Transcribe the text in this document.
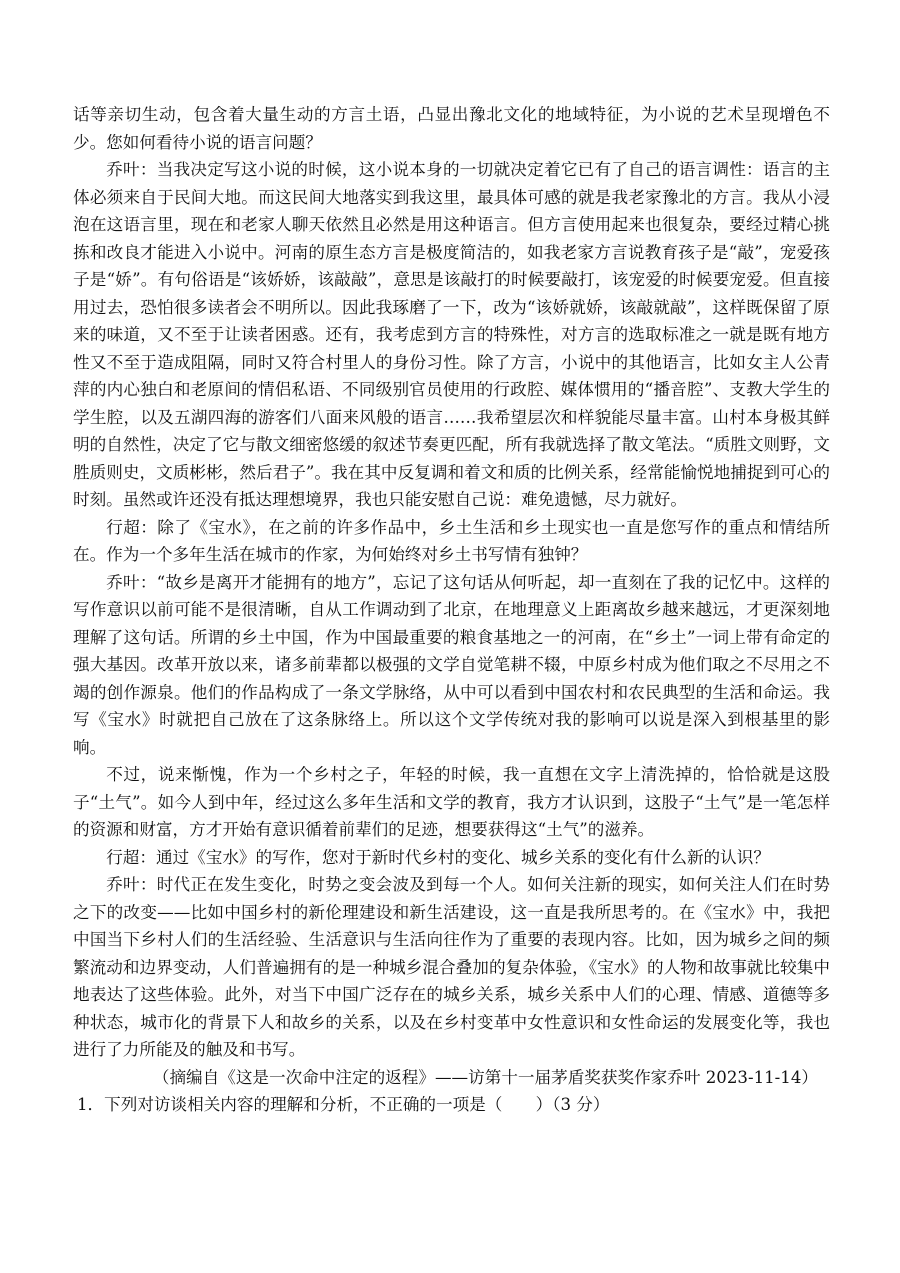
话等亲切生动，包含着大量生动的方言土语，凸显出豫北文化的地域特征，为小说的艺术呈现增色不少。您如何看待小说的语言问题？

乔叶：当我决定写这小说的时候，这小说本身的一切就决定着它已有了自己的语言调性：语言的主体必须来自于民间大地。而这民间大地落实到我这里，最具体可感的就是我老家豫北的方言。我从小浸泡在这语言里，现在和老家人聊天依然且必然是用这种语言。但方言使用起来也很复杂，要经过精心挑拣和改良才能进入小说中。河南的原生态方言是极度简洁的，如我老家方言说教育孩子是“敲”，宠爱孩子是“娇”。有句俗语是“该娇娇，该敲敲”，意思是该敲打的时候要敲打，该宠爱的时候要宠爱。但直接用过去，恐怕很多读者会不明所以。因此我琢磨了一下，改为“该娇就娇，该敲就敲”，这样既保留了原来的味道，又不至于让读者困惑。还有，我考虑到方言的特殊性，对方言的选取标准之一就是既有地方性又不至于造成阻隔，同时又符合村里人的身份习性。除了方言，小说中的其他语言，比如女主人公青萍的内心独白和老原间的情侣私语、不同级别官员使用的行政腔、媒体惯用的“播音腔”、支教大学生的学生腔，以及五湖四海的游客们八面来风般的语言……我希望层次和样貌能尽量丰富。山村本身极其鲜明的自然性，决定了它与散文细密悠缓的叙述节奏更匹配，所有我就选择了散文笔法。“质胜文则野，文胜质则史，文质彬彬，然后君子”。我在其中反复调和着文和质的比例关系，经常能愉悦地捕捉到可心的时刻。虽然或许还没有抵达理想境界，我也只能安慰自己说：难免遗憾，尽力就好。

行超：除了《宝水》，在之前的许多作品中，乡土生活和乡土现实也一直是您写作的重点和情结所在。作为一个多年生活在城市的作家，为何始终对乡土书写情有独钟？

乔叶：“故乡是离开才能拥有的地方”，忘记了这句话从何听起，却一直刻在了我的记忆中。这样的写作意识以前可能不是很清晰，自从工作调动到了北京，在地理意义上距离故乡越来越远，才更深刻地理解了这句话。所谓的乡土中国，作为中国最重要的粮食基地之一的河南，在“乡土”一词上带有命定的强大基因。改革开放以来，诸多前辈都以极强的文学自觉笔耕不辍，中原乡村成为他们取之不尽用之不竭的创作源泉。他们的作品构成了一条文学脉络，从中可以看到中国农村和农民典型的生活和命运。我写《宝水》时就把自己放在了这条脉络上。所以这个文学传统对我的影响可以说是深入到根基里的影响。

不过，说来惭愧，作为一个乡村之子，年轻的时候，我一直想在文字上清洗掉的，恰恰就是这股子“土气”。如今人到中年，经过这么多年生活和文学的教育，我方才认识到，这股子“土气”是一笔怎样的资源和财富，方才开始有意识循着前辈们的足迹，想要获得这“土气”的滋养。

行超：通过《宝水》的写作，您对于新时代乡村的变化、城乡关系的变化有什么新的认识？

乔叶：时代正在发生变化，时势之变会波及到每一个人。如何关注新的现实，如何关注人们在时势之下的改变——比如中国乡村的新伦理建设和新生活建设，这一直是我所思考的。在《宝水》中，我把中国当下乡村人们的生活经验、生活意识与生活向往作为了重要的表现内容。比如，因为城乡之间的频繁流动和边界变动，人们普遍拥有的是一种城乡混合叠加的复杂体验，《宝水》的人物和故事就比较集中地表达了这些体验。此外，对当下中国广泛存在的城乡关系，城乡关系中人们的心理、情感、道德等多种状态，城市化的背景下人和故乡的关系，以及在乡村变革中女性意识和女性命运的发展变化等，我也进行了力所能及的触及和书写。

（摘编自《这是一次命中注定的返程》——访第十一届茅盾奖获奖作家乔叶 2023-11-14）

1．下列对访谈相关内容的理解和分析，不正确的一项是（　　）（3 分）
